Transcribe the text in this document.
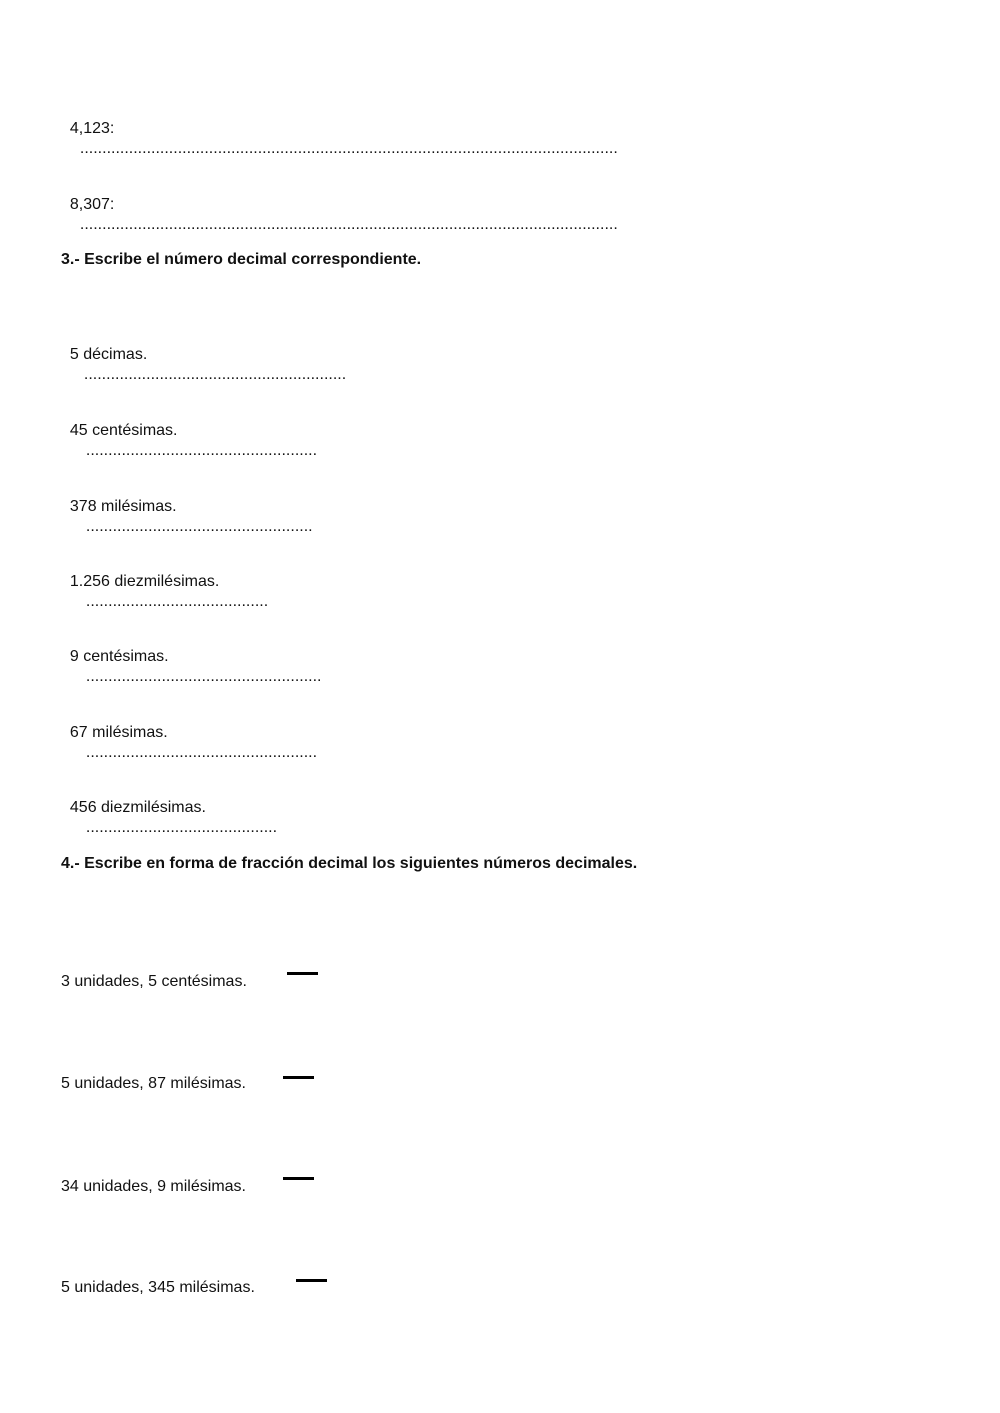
4,123:
.........................................................................................................................

8,307:
.........................................................................................................................

3.- Escribe el número decimal correspondiente.

5 décimas.
...........................................................

45 centésimas.
....................................................

378 milésimas.
...................................................

1.256 diezmilésimas.
.........................................

9 centésimas.
.....................................................

67 milésimas.
....................................................

456 diezmilésimas.
...........................................

4.- Escribe en forma de fracción decimal los siguientes números decimales.
3 unidades, 5 centésimas.
5 unidades, 87 milésimas.
34 unidades, 9 milésimas.
5 unidades, 345 milésimas.
